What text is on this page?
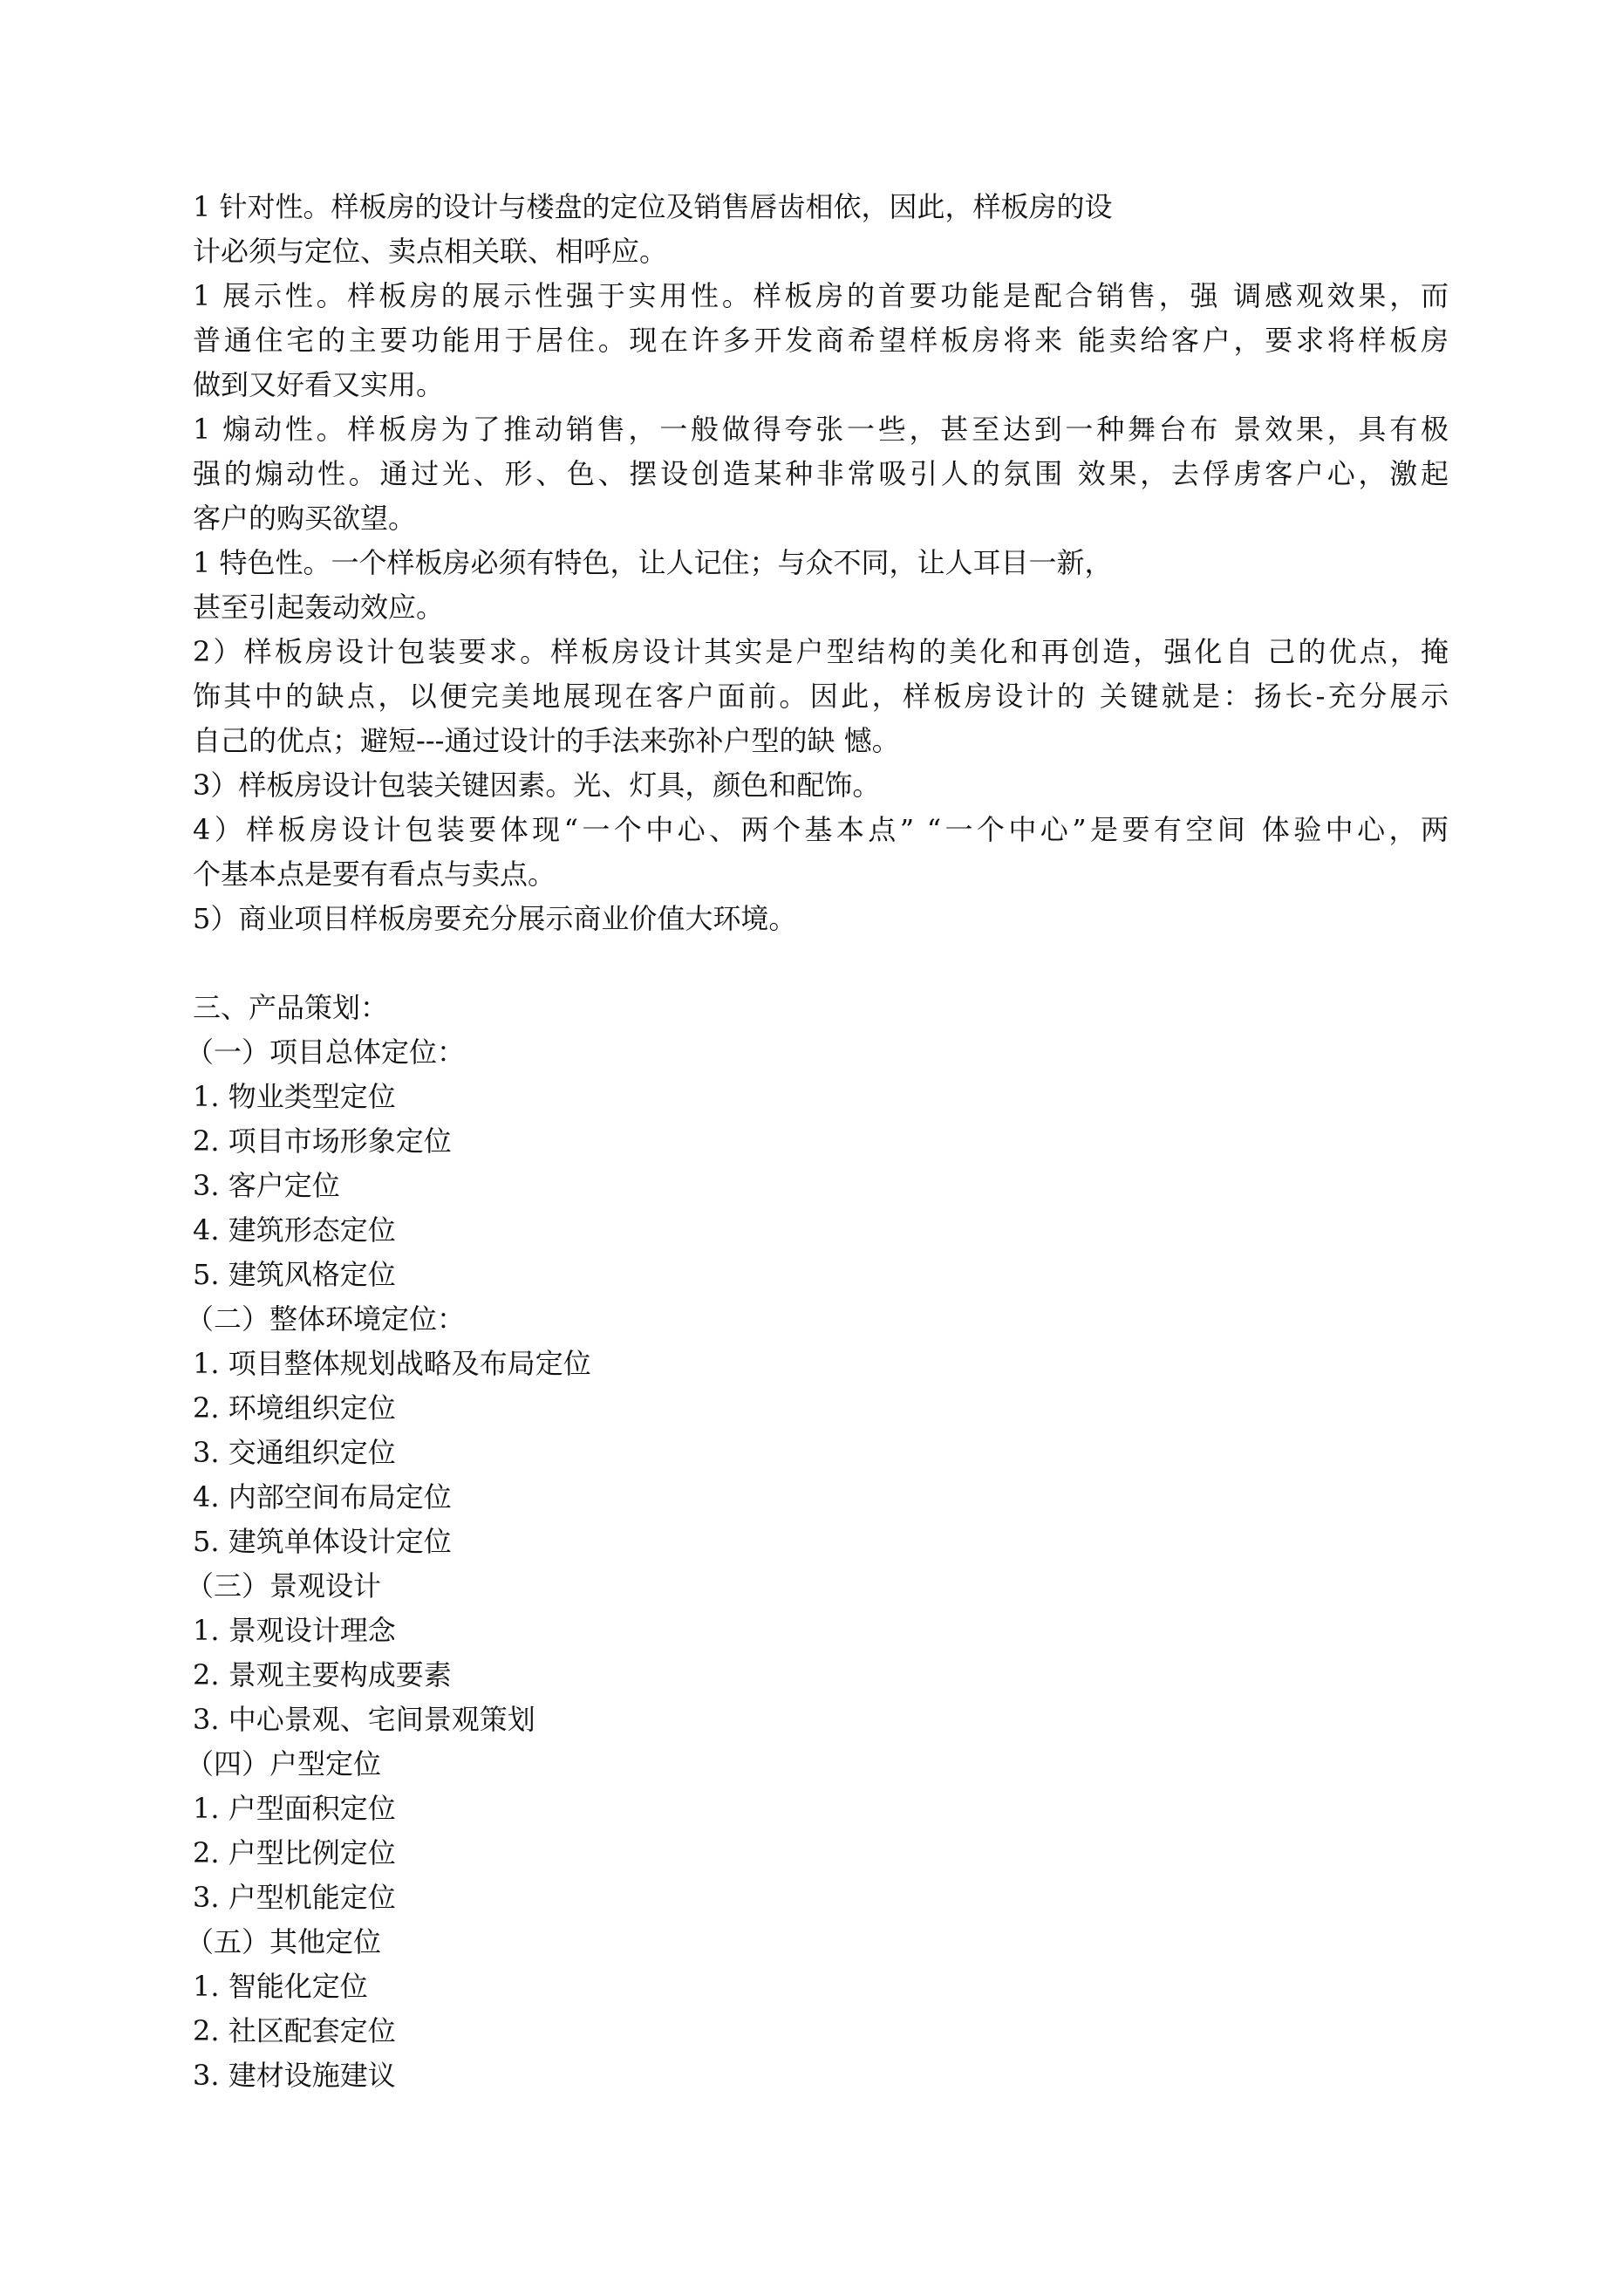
1 针对性。样板房的设计与楼盘的定位及销售唇齿相依，因此，样板房的设
计必须与定位、卖点相关联、相呼应。
1 展示性。样板房的展示性强于实用性。样板房的首要功能是配合销售，强 调感观效果，而
普通住宅的主要功能用于居住。现在许多开发商希望样板房将来 能卖给客户，要求将样板房
做到又好看又实用。
1 煽动性。样板房为了推动销售，一般做得夸张一些，甚至达到一种舞台布 景效果，具有极
强的煽动性。通过光、形、色、摆设创造某种非常吸引人的氛围 效果，去俘虏客户心，激起
客户的购买欲望。
1 特色性。一个样板房必须有特色，让人记住；与众不同，让人耳目一新，
甚至引起轰动效应。
2）样板房设计包装要求。样板房设计其实是户型结构的美化和再创造，强化自 己的优点，掩
饰其中的缺点，以便完美地展现在客户面前。因此，样板房设计的 关键就是：扬长-充分展示
自己的优点；避短---通过设计的手法来弥补户型的缺 憾。
3）样板房设计包装关键因素。光、灯具，颜色和配饰。
4）样板房设计包装要体现“一个中心、两个基本点” “一个中心”是要有空间 体验中心，两
个基本点是要有看点与卖点。
5）商业项目样板房要充分展示商业价值大环境。
三、产品策划：
（一）项目总体定位：
1. 物业类型定位
2. 项目市场形象定位
3. 客户定位
4. 建筑形态定位
5. 建筑风格定位
（二）整体环境定位：
1. 项目整体规划战略及布局定位
2. 环境组织定位
3. 交通组织定位
4. 内部空间布局定位
5. 建筑单体设计定位
（三）景观设计
1. 景观设计理念
2. 景观主要构成要素
3. 中心景观、宅间景观策划
（四）户型定位
1. 户型面积定位
2. 户型比例定位
3. 户型机能定位
（五）其他定位
1. 智能化定位
2. 社区配套定位
3. 建材设施建议
